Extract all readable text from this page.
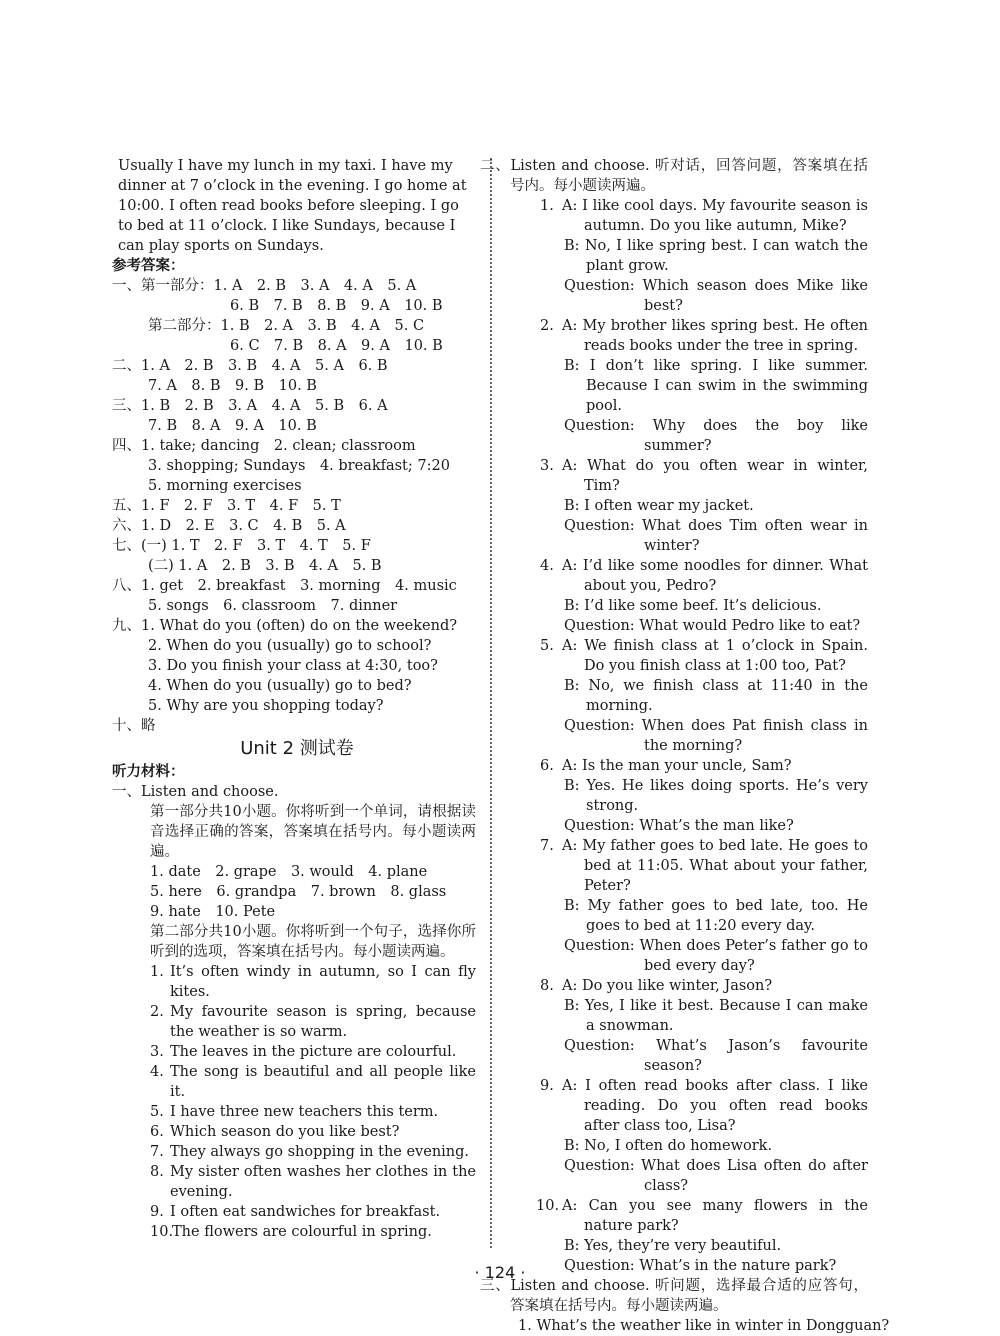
Usually I have my lunch in my taxi. I have my
dinner at 7 o’clock in the evening. I go home at
10:00. I often read books before sleeping. I go
to bed at 11 o’clock. I like Sundays, because I
can play sports on Sundays.
参考答案：
一、第一部分：1. A　2. B　3. A　4. A　5. A
6. B　7. B　8. B　9. A　10. B
第二部分：1. B　2. A　3. B　4. A　5. C
6. C　7. B　8. A　9. A　10. B
二、1. A　2. B　3. B　4. A　5. A　6. B
7. A　8. B　9. B　10. B
三、1. B　2. B　3. A　4. A　5. B　6. A
7. B　8. A　9. A　10. B
四、1. take; dancing　2. clean; classroom
3. shopping; Sundays　4. breakfast; 7:20
5. morning exercises
五、1. F　2. F　3. T　4. F　5. T
六、1. D　2. E　3. C　4. B　5. A
七、(一) 1. T　2. F　3. T　4. T　5. F
(二) 1. A　2. B　3. B　4. A　5. B
八、1. get　2. breakfast　3. morning　4. music
5. songs　6. classroom　7. dinner
九、1. What do you (often) do on the weekend?
2. When do you (usually) go to school?
3. Do you finish your class at 4:30, too?
4. When do you (usually) go to bed?
5. Why are you shopping today?
十、略
Unit 2 测试卷
听力材料：
一、Listen and choose.
第一部分共10小题。你将听到一个单词，请根据读音选择正确的答案，答案填在括号内。每小题读两遍。
1. date　2. grape　3. would　4. plane
5. here　6. grandpa　7. brown　8. glass
9. hate　10. Pete
第二部分共10小题。你将听到一个句子，选择你所听到的选项，答案填在括号内。每小题读两遍。
1. It’s often windy in autumn, so I can fly kites.
2. My favourite season is spring, because the weather is so warm.
3. The leaves in the picture are colourful.
4. The song is beautiful and all people like it.
5. I have three new teachers this term.
6. Which season do you like best?
7. They always go shopping in the evening.
8. My sister often washes her clothes in the evening.
9. I often eat sandwiches for breakfast.
10.
The flowers are colourful in spring.
二、Listen and choose. 听对话，回答问题，答案填在括号内。每小题读两遍。
1. A: I like cool days. My favourite season is autumn. Do you like autumn, Mike?
B: No, I like spring best. I can watch the plant grow.
Question: Which season does Mike like best?
2. A: My brother likes spring best. He often reads books under the tree in spring.
B: I don’t like spring. I like summer. Because I can swim in the swimming pool.
Question: Why does the boy like summer?
3. A: What do you often wear in winter, Tim?
B: I often wear my jacket.
Question: What does Tim often wear in winter?
4. A: I’d like some noodles for dinner. What about you, Pedro?
B: I’d like some beef. It’s delicious.
Question: What would Pedro like to eat?
5. A: We finish class at 1 o’clock in Spain. Do you finish class at 1:00 too, Pat?
B: No, we finish class at 11:40 in the morning.
Question: When does Pat finish class in the morning?
6. A: Is the man your uncle, Sam?
B: Yes. He likes doing sports. He’s very strong.
Question: What’s the man like?
7. A: My father goes to bed late. He goes to bed at 11:05. What about your father, Peter?
B: My father goes to bed late, too. He goes to bed at 11:20 every day.
Question: When does Peter’s father go to bed every day?
8. A: Do you like winter, Jason?
B: Yes, I like it best. Because I can make a snowman.
Question: What’s Jason’s favourite season?
9. A: I often read books after class. I like reading. Do you often read books after class too, Lisa?
B: No, I often do homework.
Question: What does Lisa often do after class?
10. A: Can you see many flowers in the nature park?
B: Yes, they’re very beautiful.
Question: What’s in the nature park?
三、Listen and choose. 听问题，选择最合适的应答句，答案填在括号内。每小题读两遍。
1. What’s the weather like in winter in Dongguan?
· 124 ·
